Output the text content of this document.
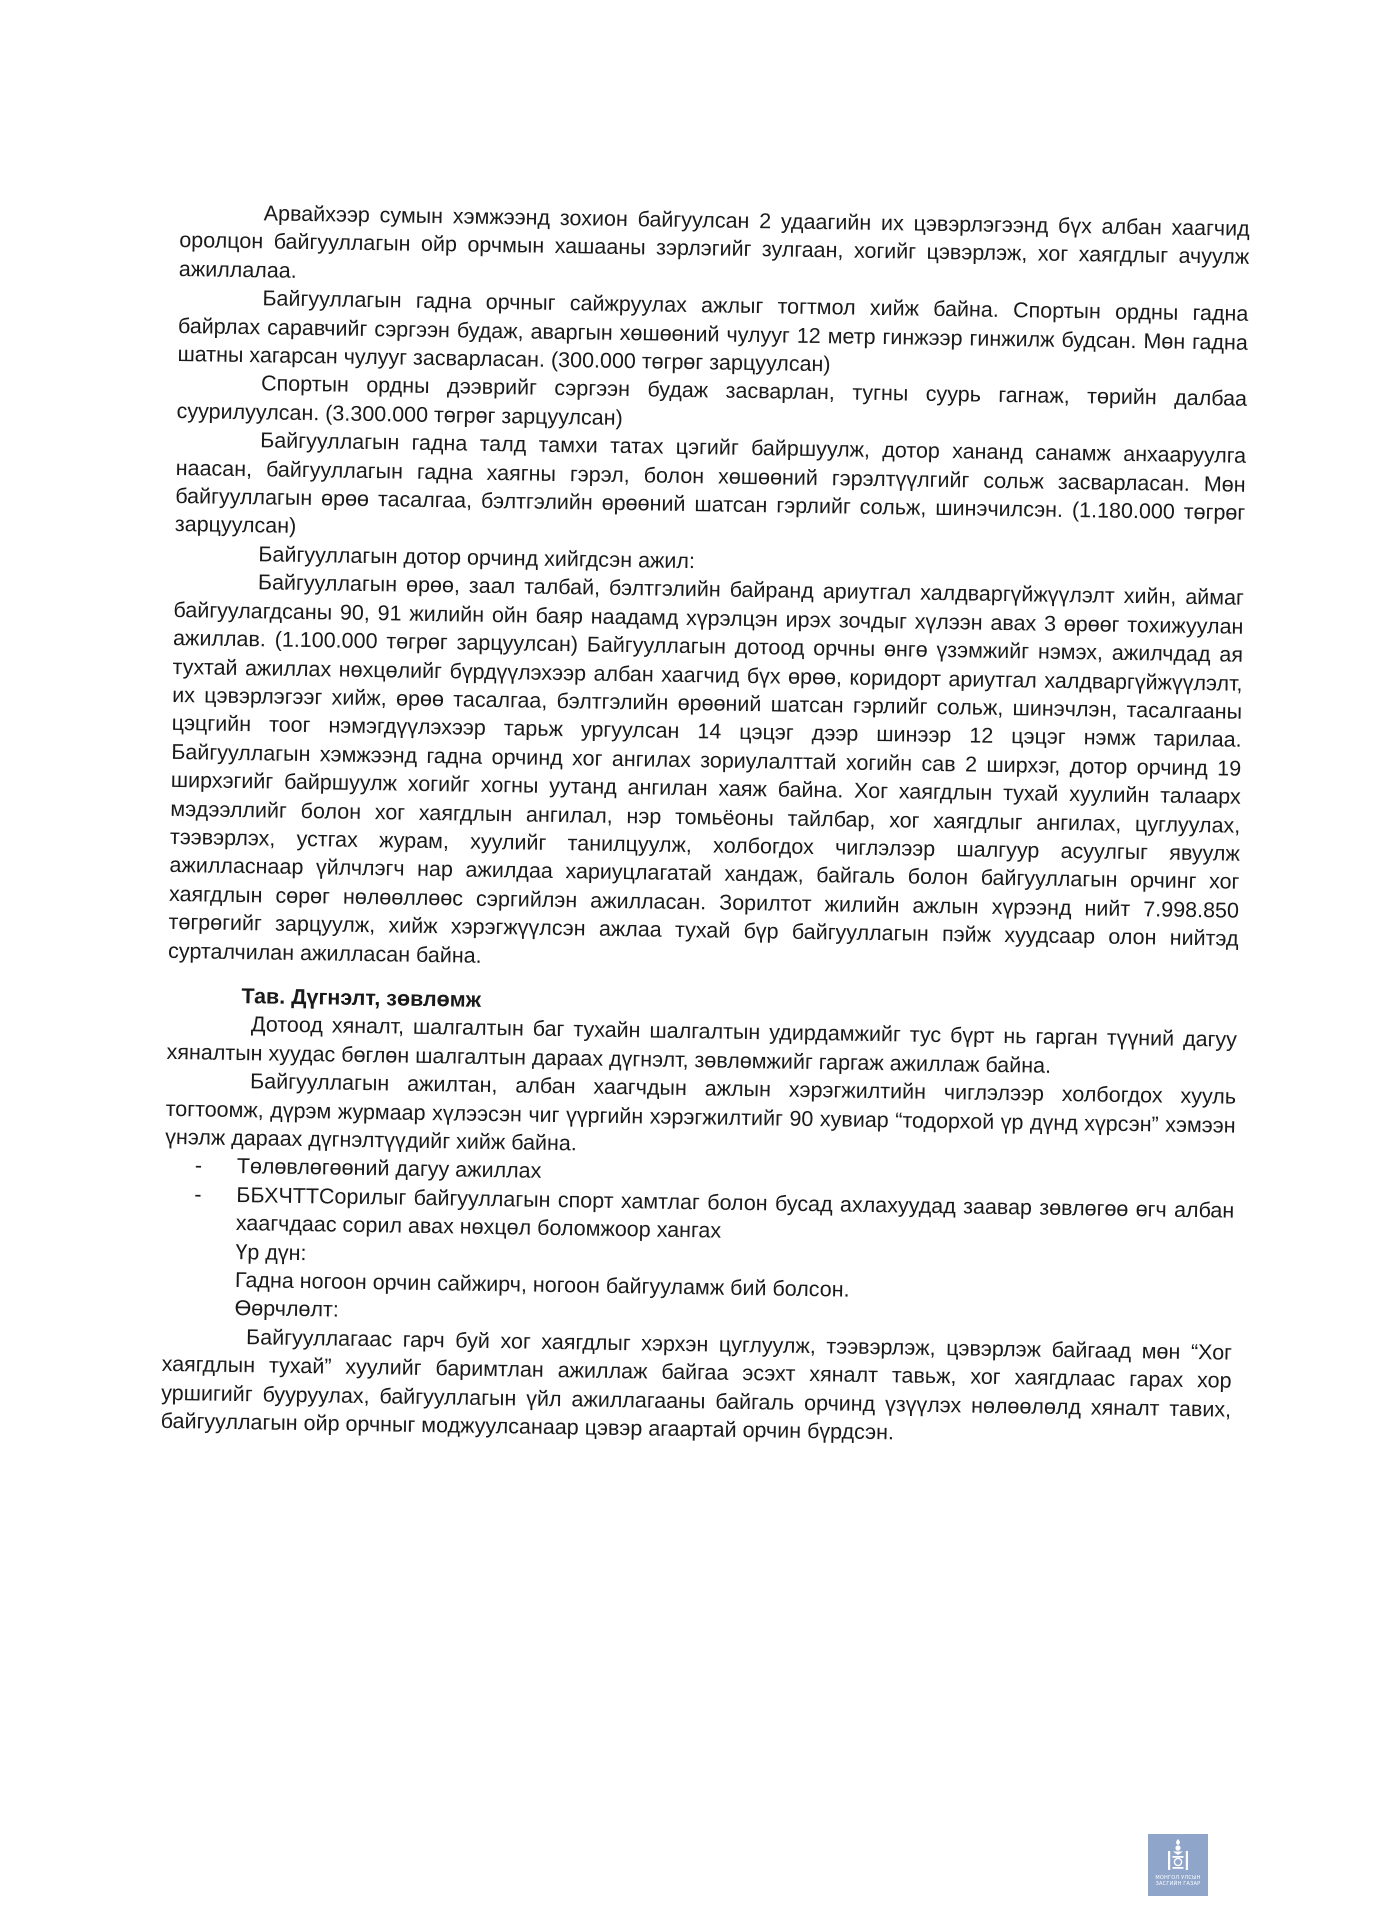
Арвайхээр сумын хэмжээнд зохион байгуулсан 2 удаагийн их цэвэрлэгээнд бүх албан хаагчид оролцон байгууллагын ойр орчмын хашааны зэрлэгийг зулгаан, хогийг цэвэрлэж, хог хаягдлыг ачуулж ажиллалаа.

Байгууллагын гадна орчныг сайжруулах ажлыг тогтмол хийж байна. Спортын ордны гадна байрлах саравчийг сэргээн будаж, аваргын хөшөөний чулууг 12 метр гинжээр гинжилж будсан. Мөн гадна шатны хагарсан чулууг засварласан. (300.000 төгрөг зарцуулсан)

Спортын ордны дээврийг сэргээн будаж засварлан, тугны суурь гагнаж, төрийн далбаа суурилуулсан. (3.300.000 төгрөг зарцуулсан)

Байгууллагын гадна талд тамхи татах цэгийг байршуулж, дотор хананд санамж анхааруулга наасан, байгууллагын гадна хаягны гэрэл, болон хөшөөний гэрэлтүүлгийг сольж засварласан. Мөн байгууллагын өрөө тасалгаа, бэлтгэлийн өрөөний шатсан гэрлийг сольж, шинэчилсэн. (1.180.000 төгрөг зарцуулсан)

Байгууллагын дотор орчинд хийгдсэн ажил:

Байгууллагын өрөө, заал талбай, бэлтгэлийн байранд ариутгал халдваргүйжүүлэлт хийн, аймаг байгуулагдсаны 90, 91 жилийн ойн баяр наадамд хүрэлцэн ирэх зочдыг хүлээн авах 3 өрөөг тохижуулан ажиллав. (1.100.000 төгрөг зарцуулсан) Байгууллагын дотоод орчны өнгө үзэмжийг нэмэх, ажилчдад ая тухтай ажиллах нөхцөлийг бүрдүүлэхээр албан хаагчид бүх өрөө, коридорт ариутгал халдваргүйжүүлэлт, их цэвэрлэгээг хийж, өрөө тасалгаа, бэлтгэлийн өрөөний шатсан гэрлийг сольж, шинэчлэн, тасалгааны цэцгийн тоог нэмэгдүүлэхээр тарьж ургуулсан 14 цэцэг дээр шинээр 12 цэцэг нэмж тарилаа. Байгууллагын хэмжээнд гадна орчинд хог ангилах зориулалттай хогийн сав 2 ширхэг, дотор орчинд 19 ширхэгийг байршуулж хогийг хогны уутанд ангилан хаяж байна. Хог хаягдлын тухай хуулийн талаарх мэдээллийг болон хог хаягдлын ангилал, нэр томьёоны тайлбар, хог хаягдлыг ангилах, цуглуулах, тээвэрлэх, устгах журам, хуулийг танилцуулж, холбогдох чиглэлээр шалгуур асуулгыг явуулж ажилласнаар үйлчлэгч нар ажилдаа хариуцлагатай хандаж, байгаль болон байгууллагын орчинг хог хаягдлын сөрөг нөлөөллөөс сэргийлэн ажилласан. Зорилтот жилийн ажлын хүрээнд нийт 7.998.850 төгрөгийг зарцуулж, хийж хэрэгжүүлсэн ажлаа тухай бүр байгууллагын пэйж хуудсаар олон нийтэд сурталчилан ажилласан байна.

Тав. Дүгнэлт, зөвлөмж

Дотоод хяналт, шалгалтын баг тухайн шалгалтын удирдамжийг тус бүрт нь гарган түүний дагуу хяналтын хуудас бөглөн шалгалтын дараах дүгнэлт, зөвлөмжийг гаргаж ажиллаж байна.

Байгууллагын ажилтан, албан хаагчдын ажлын хэрэгжилтийн чиглэлээр холбогдох хууль тогтоомж, дүрэм журмаар хүлээсэн чиг үүргийн хэрэгжилтийг 90 хувиар “тодорхой үр дүнд хүрсэн” хэмээн үнэлж дараах дүгнэлтүүдийг хийж байна.

-	Төлөвлөгөөний дагуу ажиллах
-	ББХЧТТСорилыг байгууллагын спорт хамтлаг болон бусад ахлахуудад заавар зөвлөгөө өгч албан хаагчдаас сорил авах нөхцөл боломжоор хангах

Үр дүн:

Гадна ногоон орчин сайжирч, ногоон байгууламж бий болсон.

Өөрчлөлт:

Байгууллагаас гарч буй хог хаягдлыг хэрхэн цуглуулж, тээвэрлэж, цэвэрлэж байгаад мөн “Хог хаягдлын тухай” хуулийг баримтлан ажиллаж байгаа эсэхт хяналт тавьж, хог хаягдлаас гарах хор уршигийг бууруулах, байгууллагын үйл ажиллагааны байгаль орчинд үзүүлэх нөлөөлөлд хяналт тавих, байгууллагын ойр орчныг моджуулсанаар цэвэр агаартай орчин бүрдсэн.

МОНГОЛ УЛСЫН
ЗАСГИЙН ГАЗАР
